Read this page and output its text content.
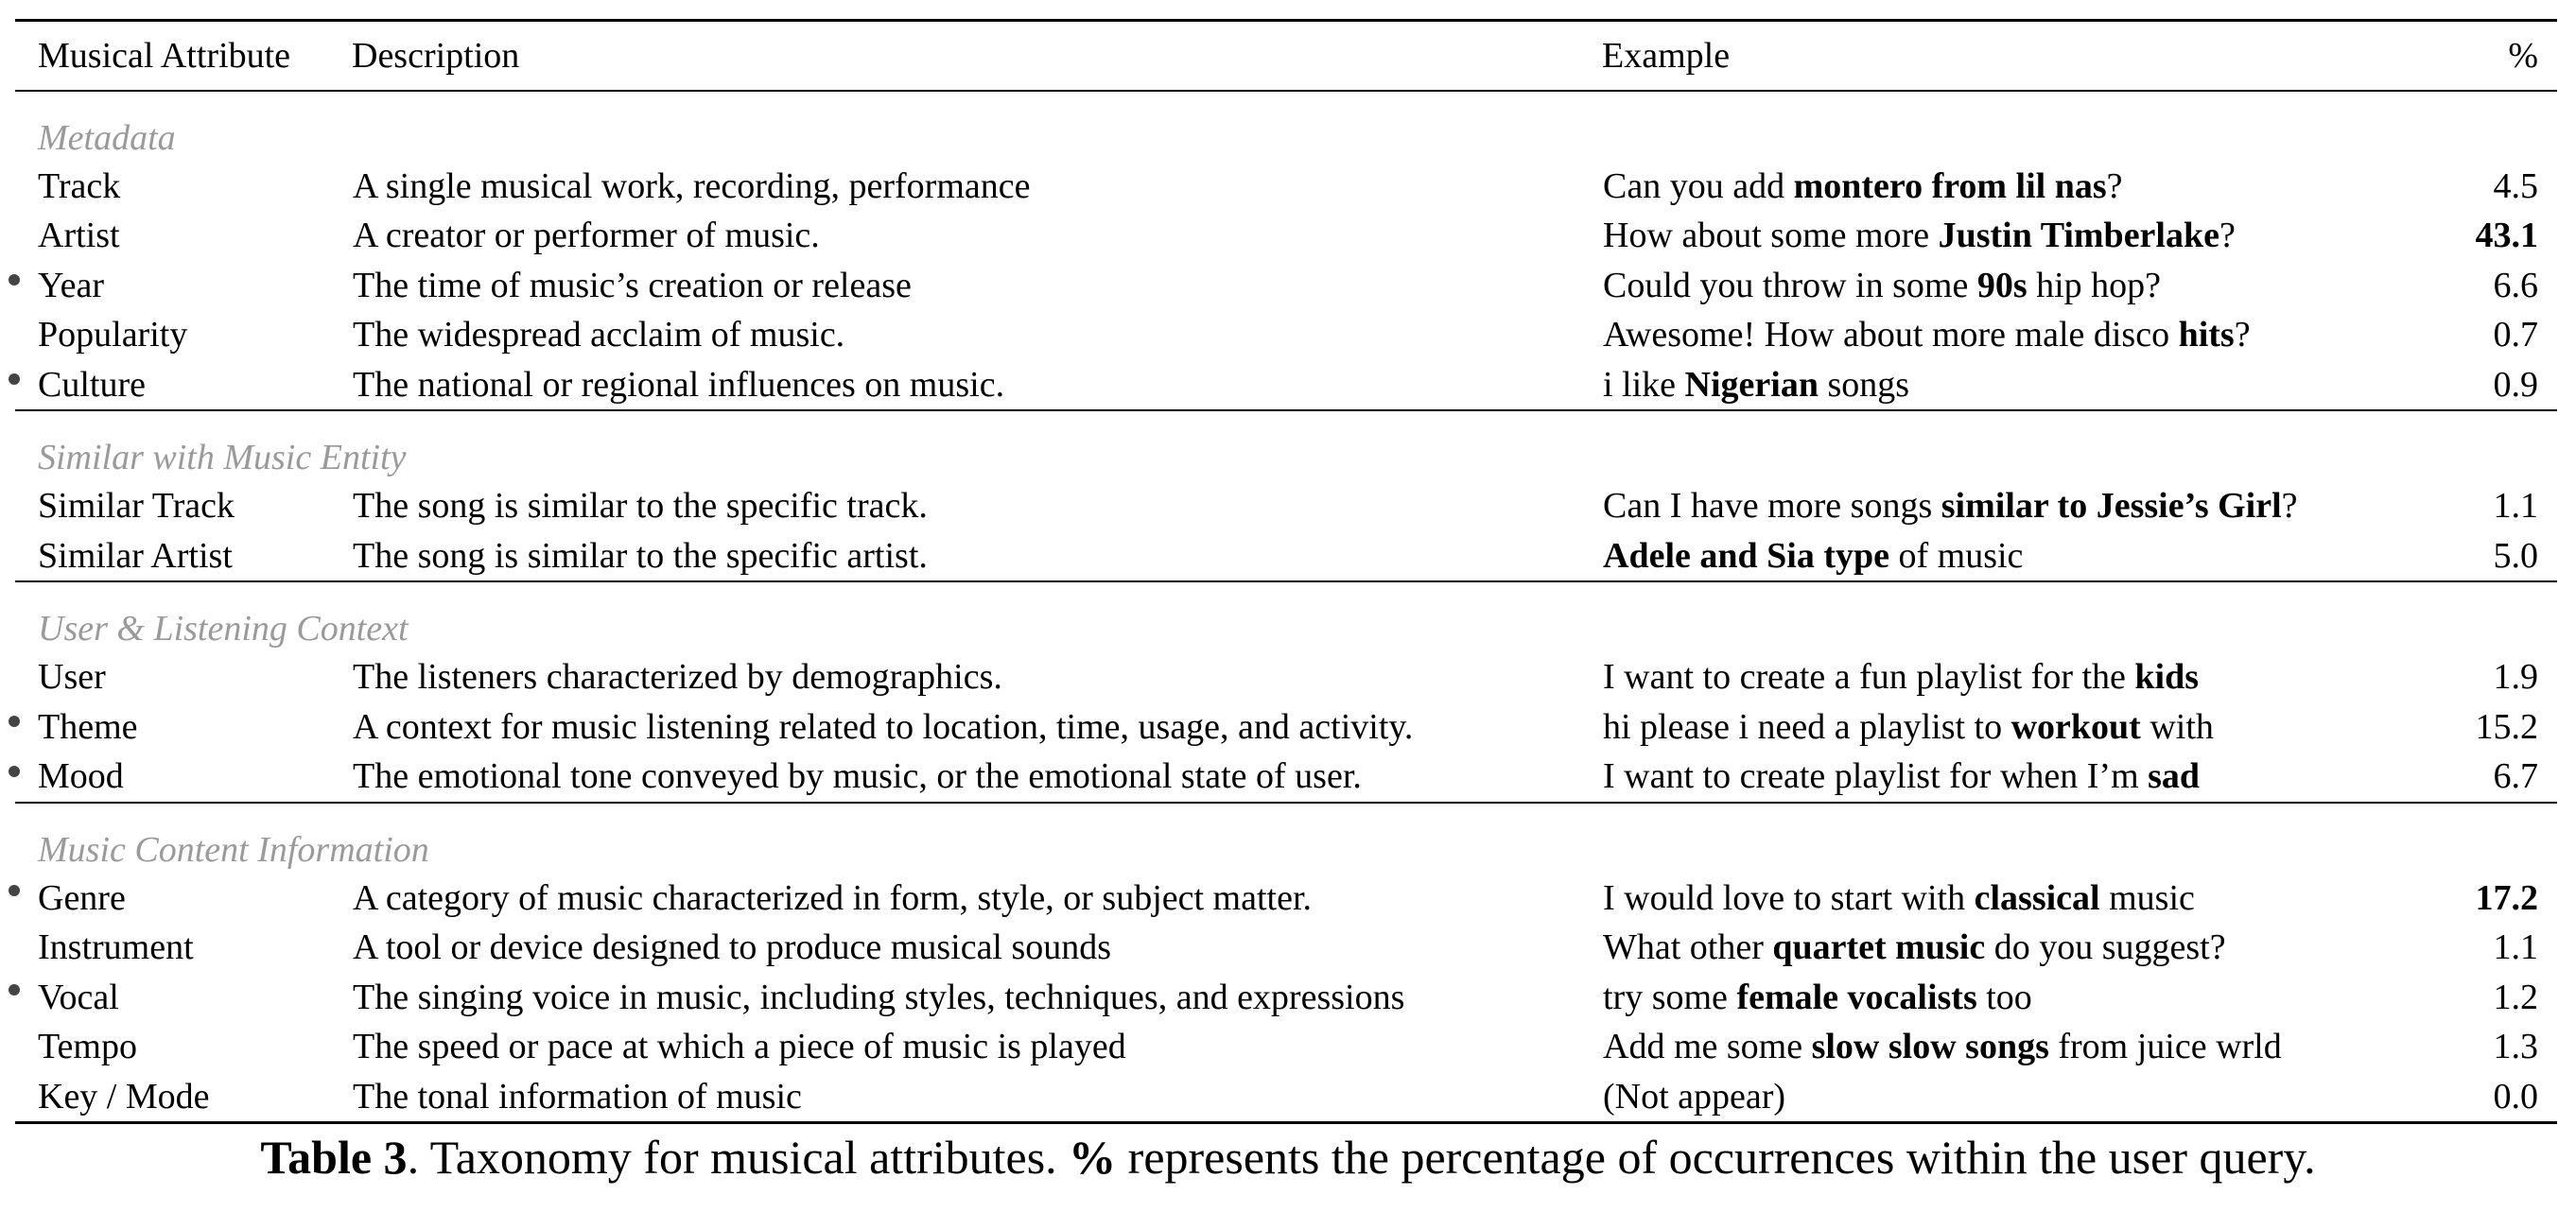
Musical Attribute	Description	Example	%
Metadata			
Track	A single musical work, recording, performance	Can you add montero from lil nas?	4.5
Artist	A creator or performer of music.	How about some more Justin Timberlake?	43.1
Year	The time of music’s creation or release	Could you throw in some 90s hip hop?	6.6
Popularity	The widespread acclaim of music.	Awesome! How about more male disco hits?	0.7
Culture	The national or regional influences on music.	i like Nigerian songs	0.9
Similar with Music Entity			
Similar Track	The song is similar to the specific track.	Can I have more songs similar to Jessie’s Girl?	1.1
Similar Artist	The song is similar to the specific artist.	Adele and Sia type of music	5.0
User & Listening Context			
User	The listeners characterized by demographics.	I want to create a fun playlist for the kids	1.9
Theme	A context for music listening related to location, time, usage, and activity.	hi please i need a playlist to workout with	15.2
Mood	The emotional tone conveyed by music, or the emotional state of user.	I want to create playlist for when I’m sad	6.7
Music Content Information			
Genre	A category of music characterized in form, style, or subject matter.	I would love to start with classical music	17.2
Instrument	A tool or device designed to produce musical sounds	What other quartet music do you suggest?	1.1
Vocal	The singing voice in music, including styles, techniques, and expressions	try some female vocalists too	1.2
Tempo	The speed or pace at which a piece of music is played	Add me some slow slow songs from juice wrld	1.3
Key / Mode	The tonal information of music	(Not appear)	0.0
Table 3. Taxonomy for musical attributes. % represents the percentage of occurrences within the user query.
